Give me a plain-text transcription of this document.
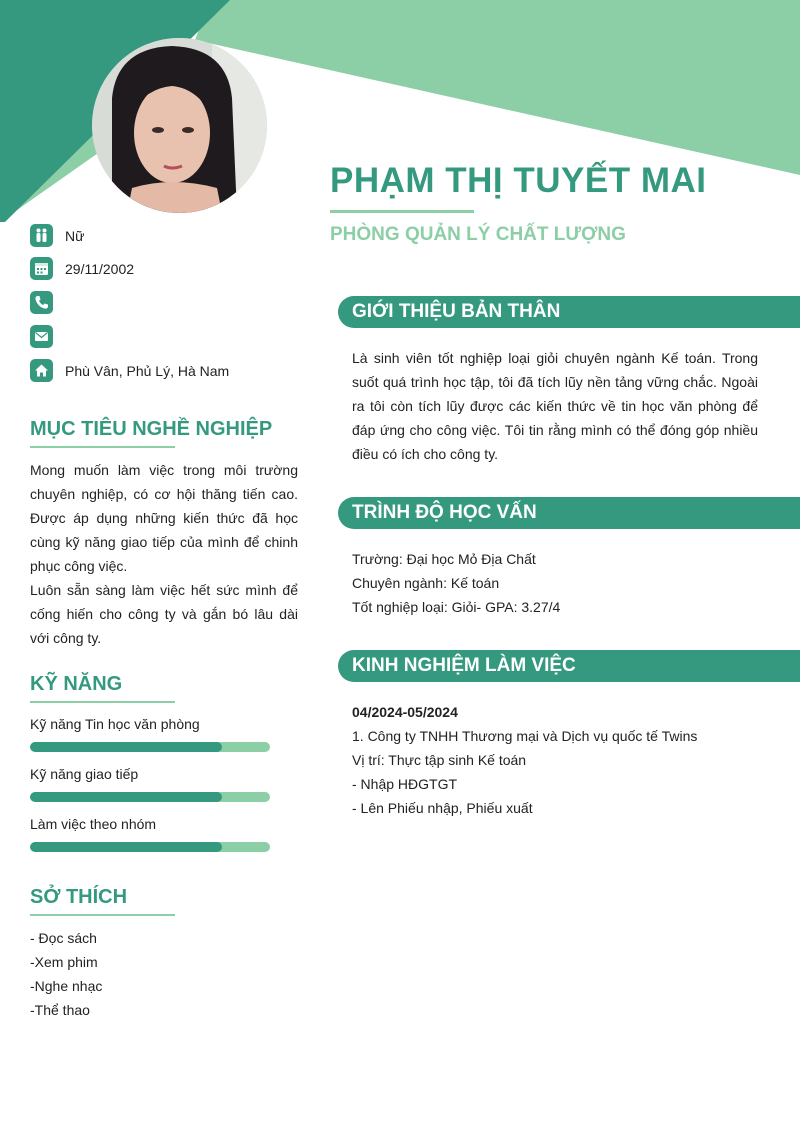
PHẠM THỊ TUYẾT MAI
PHÒNG QUẢN LÝ CHẤT LƯỢNG
Nữ
29/11/2002
Phù Vân, Phủ Lý, Hà Nam
MỤC TIÊU NGHỀ NGHIỆP

Mong muốn làm việc trong môi trường chuyên nghiệp, có cơ hội thăng tiến cao. Được áp dụng những kiến thức đã học cùng kỹ năng giao tiếp của mình để chinh phục công việc.

Luôn sẵn sàng làm việc hết sức mình để cống hiến cho công ty và gắn bó lâu dài với công ty.

KỸ NĂNG
Kỹ năng Tin học văn phòng
Kỹ năng giao tiếp
Làm việc theo nhóm
SỞ THÍCH
- Đọc sách
-Xem phim
-Nghe nhạc
-Thể thao
GIỚI THIỆU BẢN THÂN
Là sinh viên tốt nghiệp loại giỏi chuyên ngành Kế toán. Trong suốt quá trình học tập, tôi đã tích lũy nền tảng vững chắc. Ngoài ra tôi còn tích lũy được các kiến thức về tin học văn phòng để đáp ứng cho công việc. Tôi tin rằng mình có thể đóng góp nhiều điều có ích cho công ty.
TRÌNH ĐỘ HỌC VẤN
Trường: Đại học Mỏ Địa Chất
Chuyên ngành: Kế toán
Tốt nghiệp loại: Giỏi- GPA: 3.27/4
KINH NGHIỆM LÀM VIỆC
04/2024-05/2024
1. Công ty TNHH Thương mại và Dịch vụ quốc tế Twins
Vị trí: Thực tập sinh Kế toán
- Nhập HĐGTGT
- Lên Phiếu nhập, Phiếu xuất
